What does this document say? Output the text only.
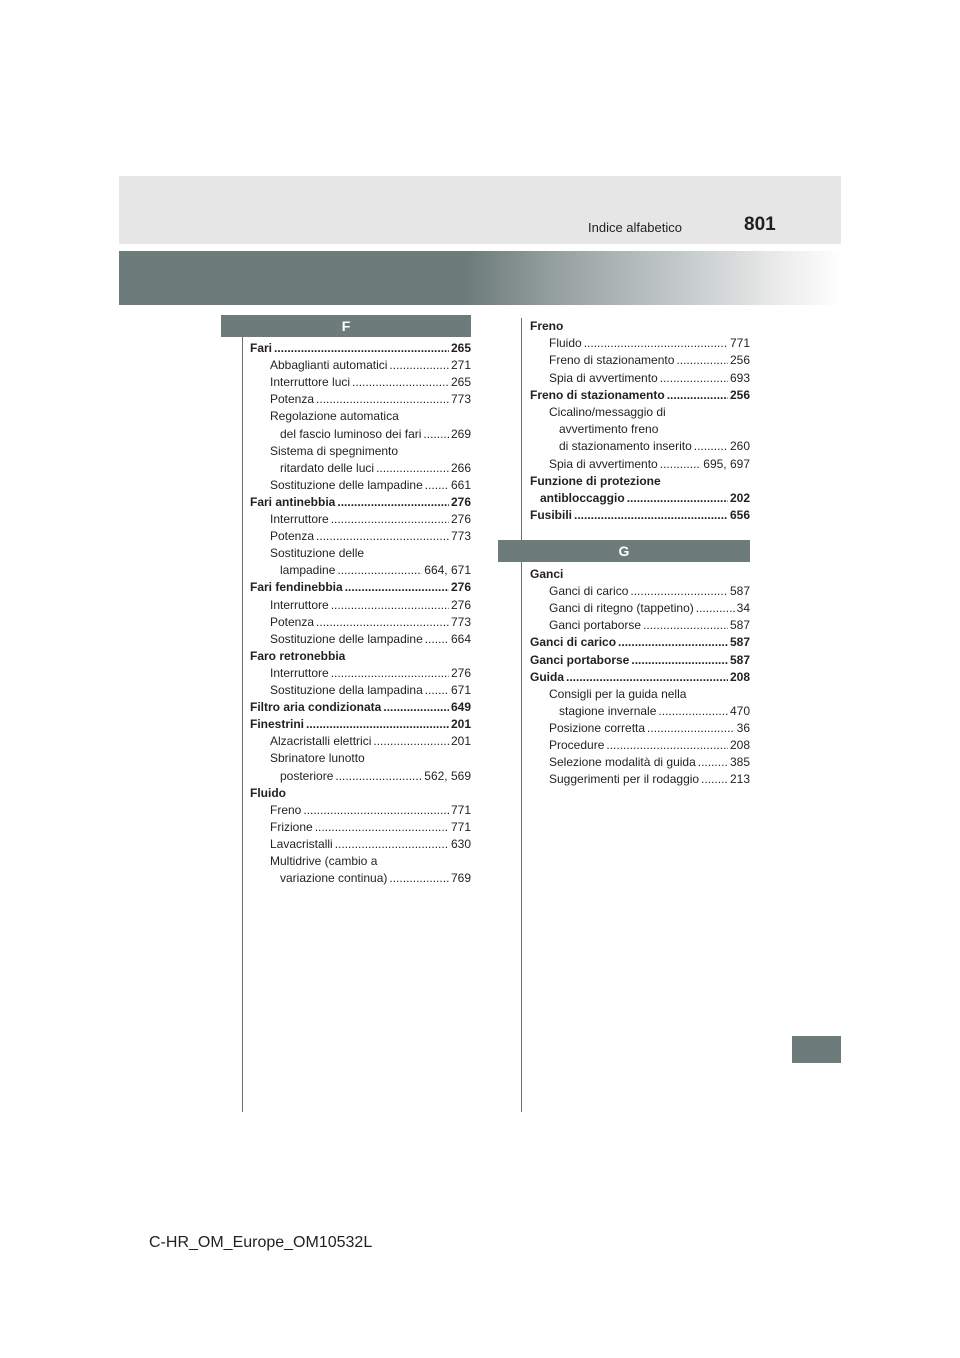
Indice alfabetico	801
F
G
Fari .....	265
Abbaglianti automatici .....	271
Interruttore luci .....	265
Potenza .....	773
Regolazione automatica
del fascio luminoso dei fari ..... 269
Sistema di spegnimento
ritardato delle luci .....	266
Sostituzione delle lampadine ..... 661
Fari antinebbia .....	276
Interruttore .....	276
Potenza .....	773
Sostituzione delle
lampadine .....	664, 671
Fari fendinebbia .....	276
Interruttore .....	276
Potenza .....	773
Sostituzione delle lampadine ..... 664
Faro retronebbia
Interruttore .....	276
Sostituzione della lampadina ..... 671
Filtro aria condizionata .....	649
Finestrini .....	201
Alzacristalli elettrici .....	201
Sbrinatore lunotto
posteriore .....	562, 569
Fluido
Freno .....	771
Frizione .....	771
Lavacristalli .....	630
Multidrive (cambio a
variazione continua) .....	769
Freno
Fluido .....	771
Freno di stazionamento .....	256
Spia di avvertimento .....	693
Freno di stazionamento .....	256
Cicalino/messaggio di
avvertimento freno
di stazionamento inserito .....	260
Spia di avvertimento .....	695, 697
Funzione di protezione
antibloccaggio .....	202
Fusibili .....	656
Ganci
Ganci di carico .....	587
Ganci di ritegno (tappetino) .....	34
Ganci portaborse .....	587
Ganci di carico .....	587
Ganci portaborse .....	587
Guida .....	208
Consigli per la guida nella
stagione invernale .....	470
Posizione corretta .....	36
Procedure .....	208
Selezione modalità di guida .....	385
Suggerimenti per il rodaggio .....	213
C-HR_OM_Europe_OM10532L
